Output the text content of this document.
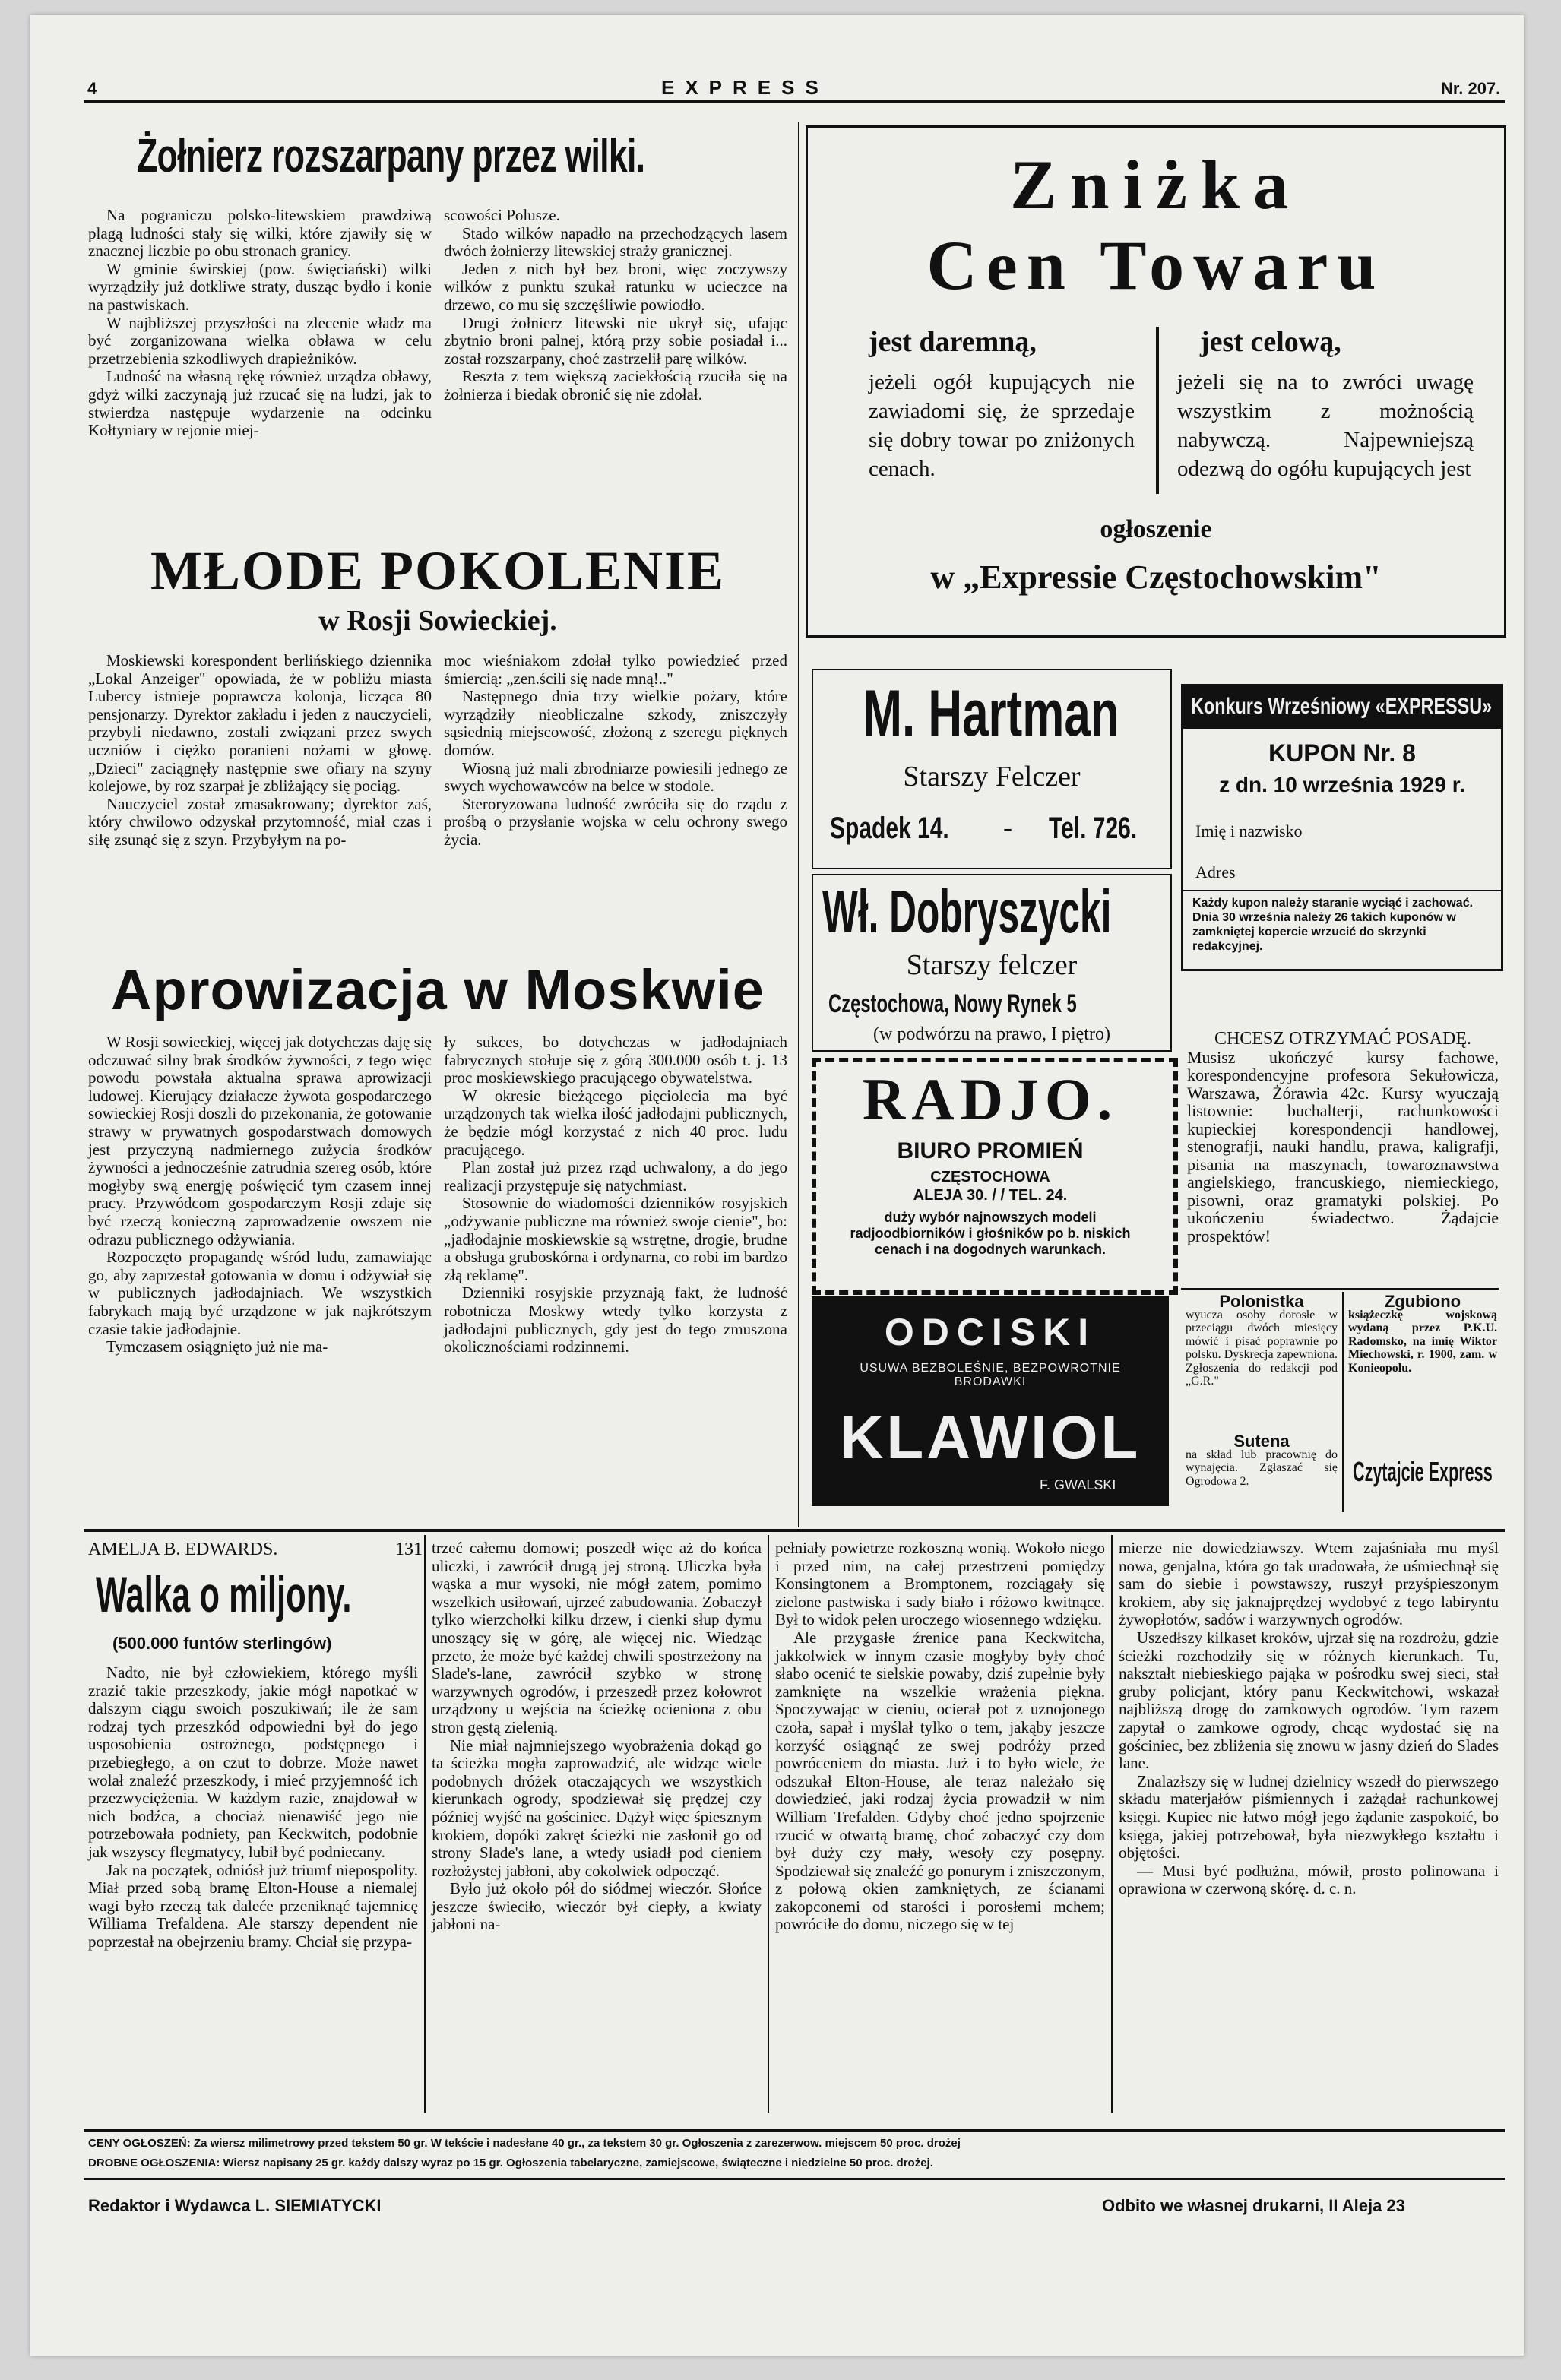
4	EXPRESS	Nr. 207.
Żołnierz rozszarpany przez wilki.

Na pograniczu polsko-litewskiem prawdziwą plagą ludności stały się wilki, które zjawiły się w znacznej liczbie po obu stronach granicy.

W gminie świrskiej (pow. święciański) wilki wyrządziły już dotkliwe straty, dusząc bydło i konie na pastwiskach.

W najbliższej przyszłości na zlecenie władz ma być zorganizowana wielka obława w celu przetrzebienia szkodliwych drapieżników.

Ludność na własną rękę również urządza obławy, gdyż wilki zaczynają już rzucać się na ludzi, jak to stwierdza następuje wydarzenie na odcinku Kołtyniary w rejonie miej-

scowości Polusze.

Stado wilków napadło na przechodzących lasem dwóch żołnierzy litewskiej straży granicznej.

Jeden z nich był bez broni, więc zoczywszy wilków z punktu szukał ratunku w ucieczce na drzewo, co mu się szczęśliwie powiodło.

Drugi żołnierz litewski nie ukrył się, ufając zbytnio broni palnej, którą przy sobie posiadał i... został rozszarpany, choć zastrzelił parę wilków.

Reszta z tem większą zaciekłością rzuciła się na żołnierza i biedak obronić się nie zdołał.

MŁODE POKOLENIE
w Rosji Sowieckiej.

Moskiewski korespondent berlińskiego dziennika „Lokal Anzeiger" opowiada, że w pobliżu miasta Lubercy istnieje poprawcza kolonja, licząca 80 pensjonarzy. Dyrektor zakładu i jeden z nauczycieli, przybyli niedawno, zostali związani przez swych uczniów i ciężko poranieni nożami w głowę. „Dzieci" zaciągnęły następnie swe ofiary na szyny kolejowe, by roz szarpał je zbliżający się pociąg.

Nauczyciel został zmasakrowany; dyrektor zaś, który chwilowo odzyskał przytomność, miał czas i siłę zsunąć się z szyn. Przybyłym na po-

moc wieśniakom zdołał tylko powiedzieć przed śmiercią: „zen.ścili się nade mną!.."

Następnego dnia trzy wielkie pożary, które wyrządziły nieobliczalne szkody, zniszczyły sąsiednią miejscowość, złożoną z szeregu pięknych domów.

Wiosną już mali zbrodniarze powiesili jednego ze swych wychowawców na belce w stodole.

Steroryzowana ludność zwróciła się do rządu z prośbą o przysłanie wojska w celu ochrony swego życia.

Aprowizacja w Moskwie

W Rosji sowieckiej, więcej jak dotychczas daję się odczuwać silny brak środków żywności, z tego więc powodu powstała aktualna sprawa aprowizacji ludowej. Kierujący działacze żywota gospodarczego sowieckiej Rosji doszli do przekonania, że gotowanie strawy w prywatnych gospodarstwach domowych jest przyczyną nadmiernego zużycia środków żywności a jednocześnie zatrudnia szereg osób, które mogłyby swą energję poświęcić tym czasem innej pracy. Przywódcom gospodarczym Rosji zdaje się być rzeczą konieczną zaprowadzenie owszem nie odrazu publicznego odżywiania.

Rozpoczęto propagandę wśród ludu, zamawiając go, aby zaprzestał gotowania w domu i odżywiał się w publicznych jadłodajniach. We wszystkich fabrykach mają być urządzone w jak najkrótszym czasie takie jadłodajnie.

Tymczasem osiągnięto już nie ma-

ły sukces, bo dotychczas w jadłodajniach fabrycznych stołuje się z górą 300.000 osób t. j. 13 proc moskiewskiego pracującego obywatelstwa.

W okresie bieżącego pięciolecia ma być urządzonych tak wielka ilość jadłodajni publicznych, że będzie mógł korzystać z nich 40 proc. ludu pracującego.

Plan został już przez rząd uchwalony, a do jego realizacji przystępuje się natychmiast.

Stosownie do wiadomości dzienników rosyjskich „odżywanie publiczne ma również swoje cienie", bo: „jadłodajnie moskiewskie są wstrętne, drogie, brudne a obsługa gruboskórna i ordynarna, co robi im bardzo złą reklamę".

Dzienniki rosyjskie przyznają fakt, że ludność robotnicza Moskwy wtedy tylko korzysta z jadłodajni publicznych, gdy jest do tego zmuszona okolicznościami rodzinnemi.

Zniżka
Cen Towaru
jest daremną,
jeżeli ogół kupujących nie zawiadomi się, że sprzedaje się dobry towar po zniżonych cenach.
jest celową,
jeżeli się na to zwróci uwagę wszystkim z możnością nabywczą. Najpewniejszą odezwą do ogółu kupujących jest
ogłoszenie
w „Expressie Częstochowskim"
M. Hartman
Starszy Felczer
Spadek 14. - Tel. 726.
Wł. Dobryszycki
Starszy felczer
Częstochowa, Nowy Rynek 5
(w podwórzu na prawo, I piętro)
RADJO.
BIURO PROMIEŃ
CZĘSTOCHOWA
ALEJA 30. / / TEL. 24.
duży wybór najnowszych modeli radjoodbiorników i głośników po b. niskich cenach i na dogodnych warunkach.
ODCISKI
USUWA BEZBOLEŚNIE, BEZPOWROTNIE BRODAWKI
KLAWIOL
F. GWALSKI
Konkurs Wrześniowy «EXPRESSU»
KUPON Nr. 8
z dn. 10 września 1929 r.
Imię i nazwisko
Adres
Każdy kupon należy staranie wyciąć i zachować. Dnia 30 września należy 26 takich kuponów w zamkniętej kopercie wrzucić do skrzynki redakcyjnej.
CHCESZ OTRZYMAĆ POSADĘ.
Musisz ukończyć kursy fachowe, korespondencyjne profesora Sekułowicza, Warszawa, Żórawia 42c. Kursy wyuczają listownie: buchalterji, rachunkowości kupieckiej korespondencji handlowej, stenografji, nauki handlu, prawa, kaligrafji, pisania na maszynach, towaroznawstwa angielskiego, francuskiego, niemieckiego, pisowni, oraz gramatyki polskiej. Po ukończeniu świadectwo. Żądajcie prospektów!
Polonistka
wyucza osoby dorosłe w przeciągu dwóch miesięcy mówić i pisać poprawnie po polsku. Dyskrecja zapewniona. Zgłoszenia do redakcji pod „G.R."
Zgubiono
książeczkę wojskową wydaną przez P.K.U. Radomsko, na imię Wiktor Miechowski, r. 1900, zam. w Konieopolu.
Sutena
na skład lub pracownię do wynajęcia. Zgłaszać się Ogrodowa 2.	Czytajcie Express
AMELJA B. EDWARDS.	131
Walka o miljony.
(500.000 funtów sterlingów)

Nadto, nie był człowiekiem, którego myśli zrazić takie przeszkody, jakie mógł napotkać w dalszym ciągu swoich poszukiwań; ile że sam rodzaj tych przeszkód odpowiedni był do jego usposobienia ostrożnego, podstępnego i przebiegłego, a on czut to dobrze. Może nawet wolał znaleźć przeszkody, i mieć przyjemność ich przezwyciężenia. W każdym razie, znajdował w nich bodźca, a chociaż nienawiść jego nie potrzebowała podniety, pan Keckwitch, podobnie jak wszyscy flegmatycy, lubił być podniecany.

Jak na początek, odniósł już triumf niepospolity. Miał przed sobą bramę Elton-House a niemalej wagi było rzeczą tak daleće przeniknąć tajemnicę Williama Trefaldena. Ale starszy dependent nie poprzestał na obejrzeniu bramy. Chciał się przypa-

trzeć całemu domowi; poszedł więc aż do końca uliczki, i zawrócił drugą jej stroną. Uliczka była wąska a mur wysoki, nie mógł zatem, pomimo wszelkich usiłowań, ujrzeć zabudowania. Zobaczył tylko wierzchołki kilku drzew, i cienki słup dymu unoszący się w górę, ale więcej nic. Wiedząc przeto, że może być każdej chwili spostrzeżony na Slade's-lane, zawrócił szybko w stronę warzywnych ogrodów, i przeszedł przez kołowrot urządzony u wejścia na ścieżkę ocieniona z obu stron gęstą zielenią.

Nie miał najmniejszego wyobrażenia dokąd go ta ścieżka mogła zaprowadzić, ale widząc wiele podobnych dróżek otaczających we wszystkich kierunkach ogrody, spodziewał się prędzej czy później wyjść na gościniec. Dążył więc śpiesznym krokiem, dopóki zakręt ścieżki nie zasłonił go od strony Slade's lane, a wtedy usiadł pod cieniem rozłożystej jabłoni, aby cokolwiek odpocząć.

Było już około pół do siódmej wieczór. Słońce jeszcze świeciło, wieczór był ciepły, a kwiaty jabłoni na-

pełniały powietrze rozkoszną wonią. Wokoło niego i przed nim, na całej przestrzeni pomiędzy Konsingtonem a Bromptonem, rozciągały się zielone pastwiska i sady biało i różowo kwitnące. Był to widok pełen uroczego wiosennego wdzięku.

Ale przygasłe źrenice pana Keckwitcha, jakkolwiek w innym czasie mogłyby były choć słabo ocenić te sielskie powaby, dziś zupełnie były zamknięte na wszelkie wrażenia piękna. Spoczywając w cieniu, ocierał pot z uznojonego czoła, sapał i myślał tylko o tem, jakąby jeszcze korzyść osiągnąć ze swej podróży przed powróceniem do miasta. Już i to było wiele, że odszukał Elton-House, ale teraz należało się dowiedzieć, jaki rodzaj życia prowadził w nim William Trefalden. Gdyby choć jedno spojrzenie rzucić w otwartą bramę, choć zobaczyć czy dom był duży czy mały, wesoły czy posępny. Spodziewał się znaleźć go ponurym i zniszczonym, z połową okien zamkniętych, ze ścianami zakopconemi od starości i porosłemi mchem; powróciłe do domu, niczego się w tej

mierze nie dowiedziawszy. Wtem zajaśniała mu myśl nowa, genjalna, która go tak uradowała, że uśmiechnął się sam do siebie i powstawszy, ruszył przyśpieszonym krokiem, aby się jaknajprędzej wydobyć z tego labiryntu żywopłotów, sadów i warzywnych ogrodów.

Uszedłszy kilkaset kroków, ujrzał się na rozdrożu, gdzie ścieżki rozchodziły się w różnych kierunkach. Tu, nakształt niebieskiego pająka w pośrodku swej sieci, stał gruby policjant, który panu Keckwitchowi, wskazał najbliższą drogę do zamkowych ogrodów. Tym razem zapytał o zamkowe ogrody, chcąc wydostać się na gościniec, bez zbliżenia się znowu w jasny dzień do Slades lane.

Znalazłszy się w ludnej dzielnicy wszedł do pierwszego składu materjałów piśmiennych i zażądał rachunkowej księgi. Kupiec nie łatwo mógł jego żądanie zaspokoić, bo księga, jakiej potrzebował, była niezwykłego kształtu i objętości.

— Musi być podłużna, mówił, prosto polinowana i oprawiona w czerwoną skórę. d. c. n.

CENY OGŁOSZEŃ: Za wiersz milimetrowy przed tekstem 50 gr. W tekście i nadesłane 40 gr., za tekstem 30 gr. Ogłoszenia z zarezerwow. miejscem 50 proc. drożej
DROBNE OGŁOSZENIA: Wiersz napisany 25 gr. każdy dalszy wyraz po 15 gr. Ogłoszenia tabelaryczne, zamiejscowe, świąteczne i niedzielne 50 proc. drożej.
Redaktor i Wydawca L. SIEMIATYCKI	Odbito we własnej drukarni, II Aleja 23
